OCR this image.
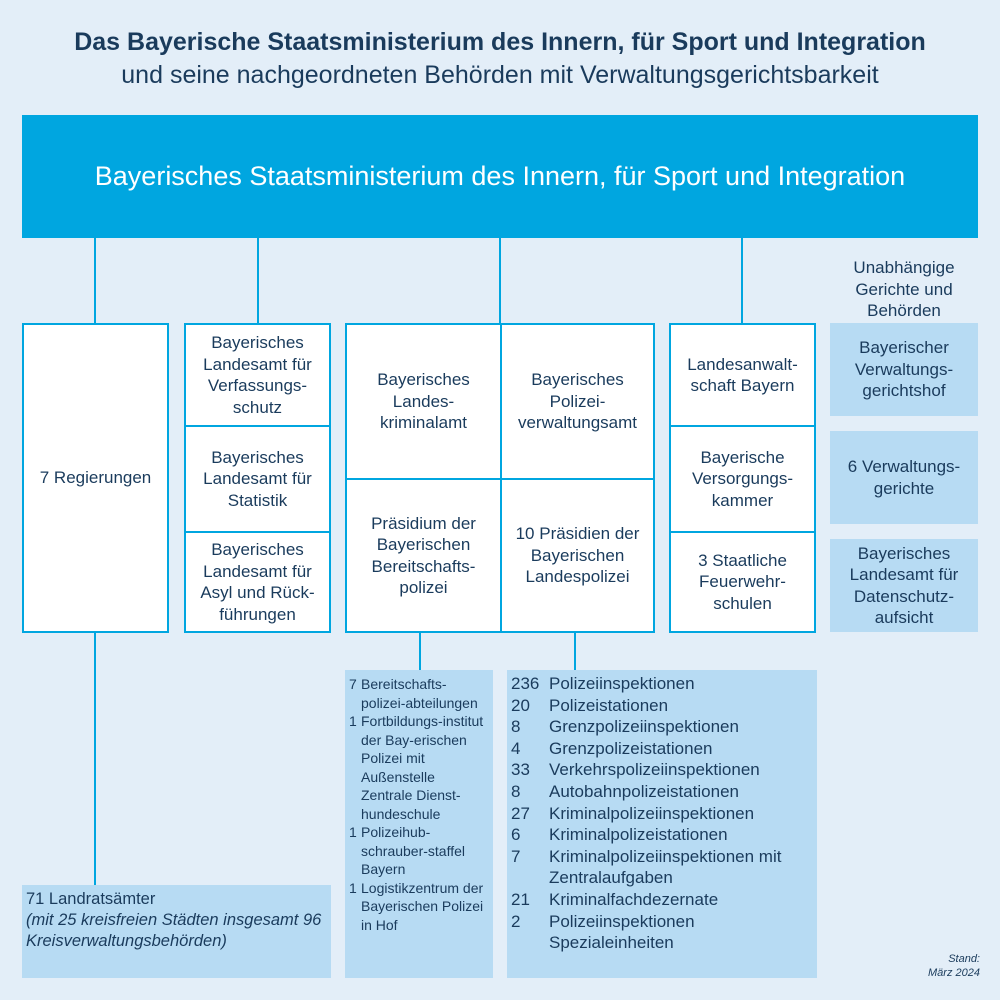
Das Bayerische Staatsministerium des Innern, für Sport und Integration
und seine nachgeordneten Behörden mit Verwaltungsgerichtsbarkeit
Bayerisches Staatsministerium des Innern, für Sport und Integration
7 Regierungen
Bayerisches Landesamt für Verfassungs-schutz
Bayerisches Landesamt für Statistik
Bayerisches Landesamt für Asyl und Rück-führungen
Bayerisches Landes-kriminalamt
Bayerisches Polizei-verwaltungsamt
Präsidium der Bayerischen Bereitschafts-polizei
10 Präsidien der Bayerischen Landespolizei
Landesanwalt-schaft Bayern
Bayerische Versorgungs-kammer
3 Staatliche Feuerwehr-schulen
Unabhängige Gerichte und Behörden
Bayerischer Verwaltungs-gerichtshof
6 Verwaltungs-gerichte
Bayerisches Landesamt für Datenschutz-aufsicht
71 Landratsämter
(mit 25 kreisfreien Städten insgesamt 96 Kreisverwaltungsbehörden)
7 Bereitschafts-polizei-abteilungen
1 Fortbildungs-institut der Bay-erischen Polizei mit Außenstelle Zentrale Dienst-hundeschule
1 Polizeihub-schrauber-staffel Bayern
1 Logistikzentrum der Bayerischen Polizei in Hof
236 Polizeiinspektionen
20	Polizeistationen
8	Grenzpolizeiinspektionen
4	Grenzpolizeistationen
33	Verkehrspolizeiinspektionen
8	Autobahnpolizeistationen
27	Kriminalpolizeiinspektionen
6	Kriminalpolizeistationen
7	Kriminalpolizeiinspektionen mit Zentralaufgaben
21	Kriminalfachdezernate
2	Polizeiinspektionen Spezialeinheiten
Stand:
März 2024
